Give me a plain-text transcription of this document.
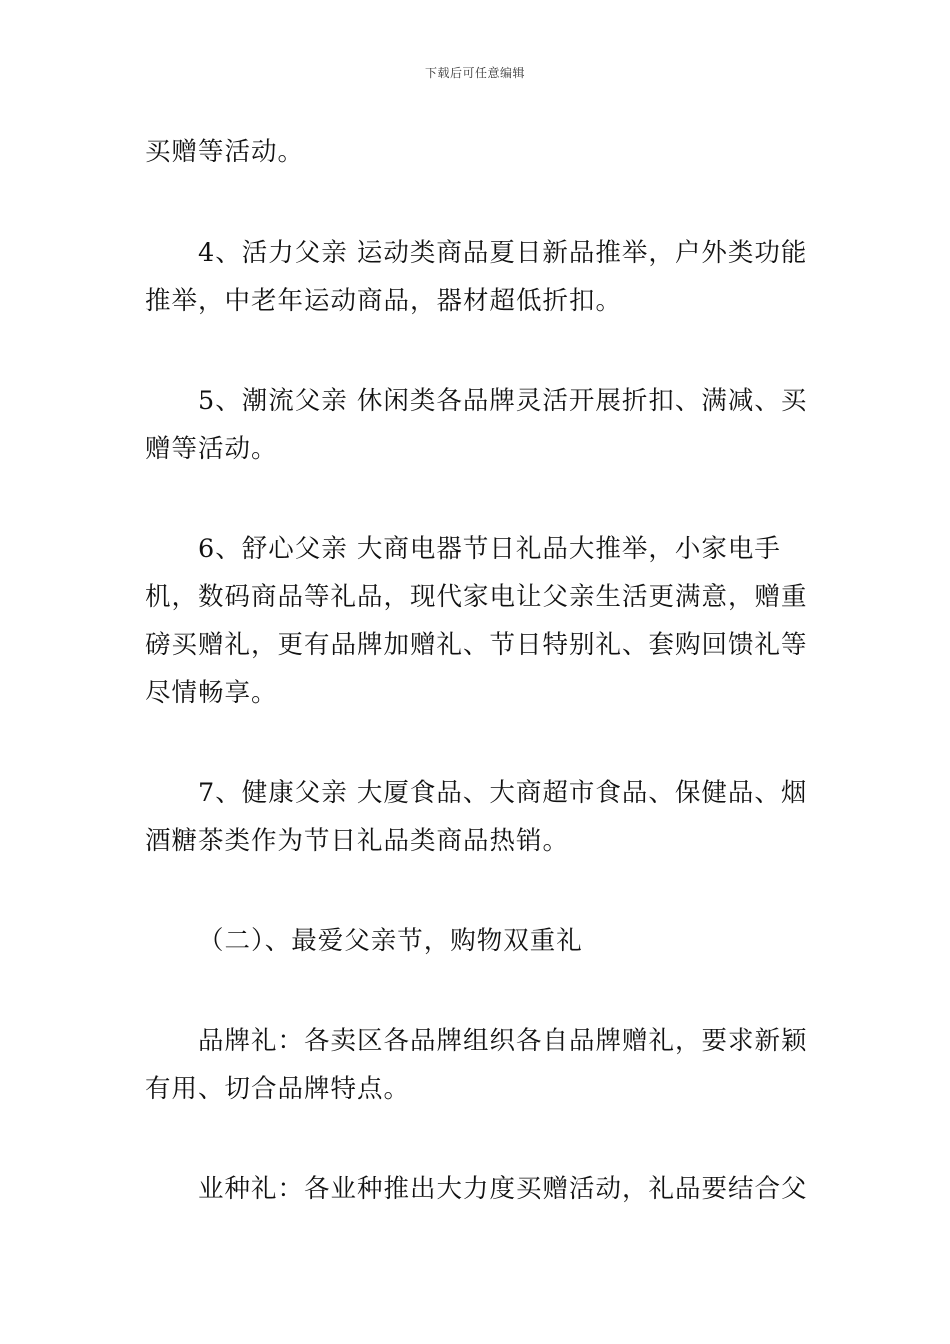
下载后可任意编辑

买赠等活动。

4、活力父亲 运动类商品夏日新品推举，户外类功能推举，中老年运动商品，器材超低折扣。

5、潮流父亲 休闲类各品牌灵活开展折扣、满减、买赠等活动。

6、舒心父亲 大商电器节日礼品大推举，小家电手机，数码商品等礼品，现代家电让父亲生活更满意，赠重磅买赠礼，更有品牌加赠礼、节日特别礼、套购回馈礼等尽情畅享。

7、健康父亲 大厦食品、大商超市食品、保健品、烟酒糖茶类作为节日礼品类商品热销。

（二）、最爱父亲节，购物双重礼

品牌礼：各卖区各品牌组织各自品牌赠礼，要求新颖有用、切合品牌特点。

业种礼：各业种推出大力度买赠活动，礼品要结合父
